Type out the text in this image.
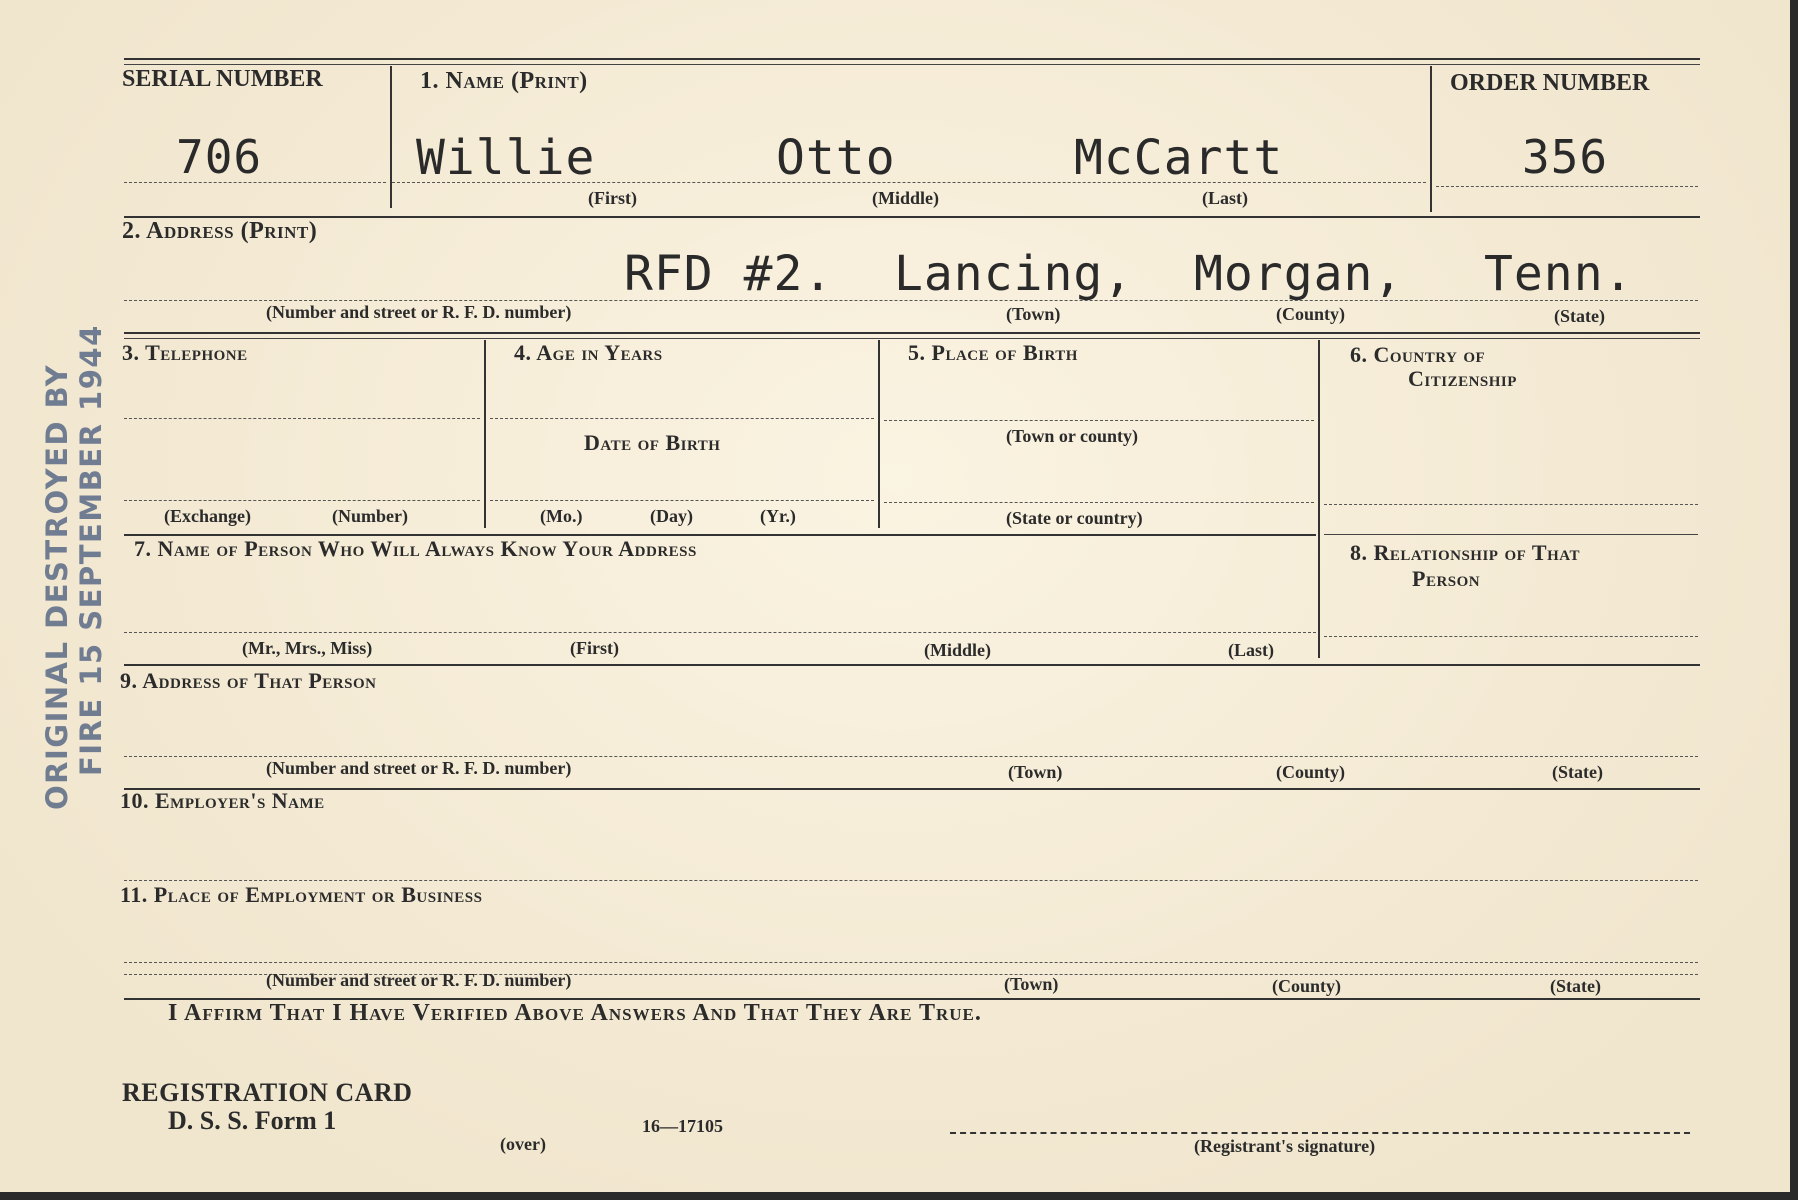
SERIAL NUMBER
706
1. Name (Print)
Willie	Otto	McCartt
(First)	(Middle)	(Last)
ORDER NUMBER
356
2. Address (Print)
RFD #2. Lancing, Morgan, Tenn.
(Number and street or R. F. D. number)	(Town)	(County)	(State)
3. Telephone
(Exchange)	(Number)
4. Age in Years
Date of Birth
(Mo.)	(Day)	(Yr.)
5. Place of Birth
(Town or county)
(State or country)
6. Country of
Citizenship
7. Name of Person Who Will Always Know Your Address
(Mr., Mrs., Miss)	(First)	(Middle)	(Last)
8. Relationship of That
Person
9. Address of That Person
(Number and street or R. F. D. number)	(Town)	(County)	(State)
10. Employer's Name
11. Place of Employment or Business
(Number and street or R. F. D. number)	(Town)	(County)	(State)
I Affirm That I Have Verified Above Answers And That They Are True.
REGISTRATION CARD
D. S. S. Form 1
(over)
16—17105
(Registrant's signature)
ORIGINAL DESTROYED BY FIRE 15 SEPTEMBER 1944
